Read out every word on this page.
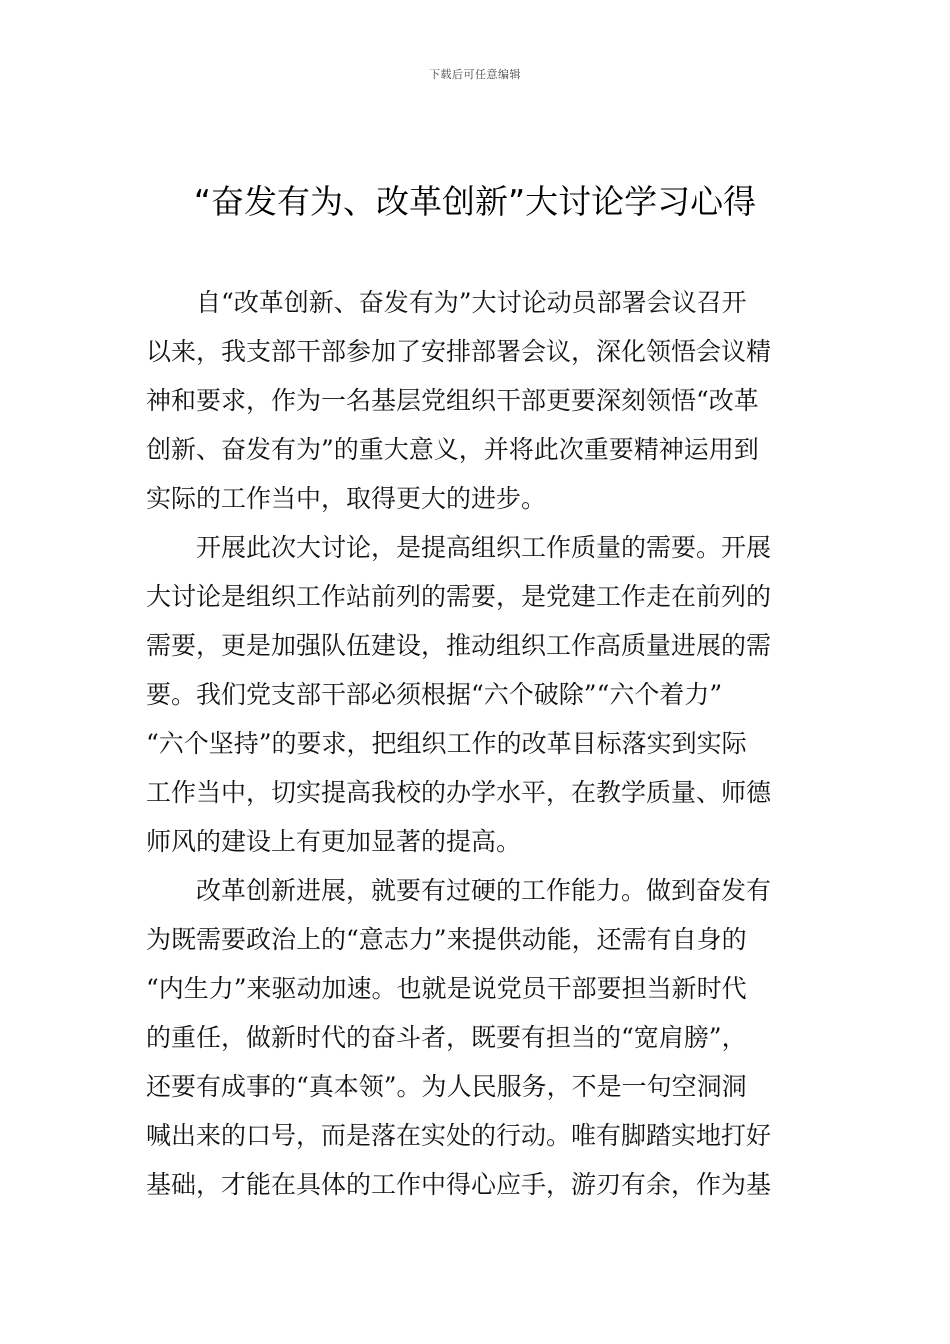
下载后可任意编辑
“奋发有为、改革创新”大讨论学习心得
自“改革创新、奋发有为”大讨论动员部署会议召开
以来，我支部干部参加了安排部署会议，深化领悟会议精
神和要求，作为一名基层党组织干部更要深刻领悟“改革
创新、奋发有为”的重大意义，并将此次重要精神运用到
实际的工作当中，取得更大的进步。
开展此次大讨论，是提高组织工作质量的需要。开展
大讨论是组织工作站前列的需要，是党建工作走在前列的
需要，更是加强队伍建设，推动组织工作高质量进展的需
要。我们党支部干部必须根据“六个破除”“六个着力”
“六个坚持”的要求，把组织工作的改革目标落实到实际
工作当中，切实提高我校的办学水平，在教学质量、师德
师风的建设上有更加显著的提高。
改革创新进展，就要有过硬的工作能力。做到奋发有
为既需要政治上的“意志力”来提供动能，还需有自身的
“内生力”来驱动加速。也就是说党员干部要担当新时代
的重任，做新时代的奋斗者，既要有担当的“宽肩膀”，
还要有成事的“真本领”。为人民服务，不是一句空洞洞
喊出来的口号，而是落在实处的行动。唯有脚踏实地打好
基础，才能在具体的工作中得心应手，游刃有余，作为基
